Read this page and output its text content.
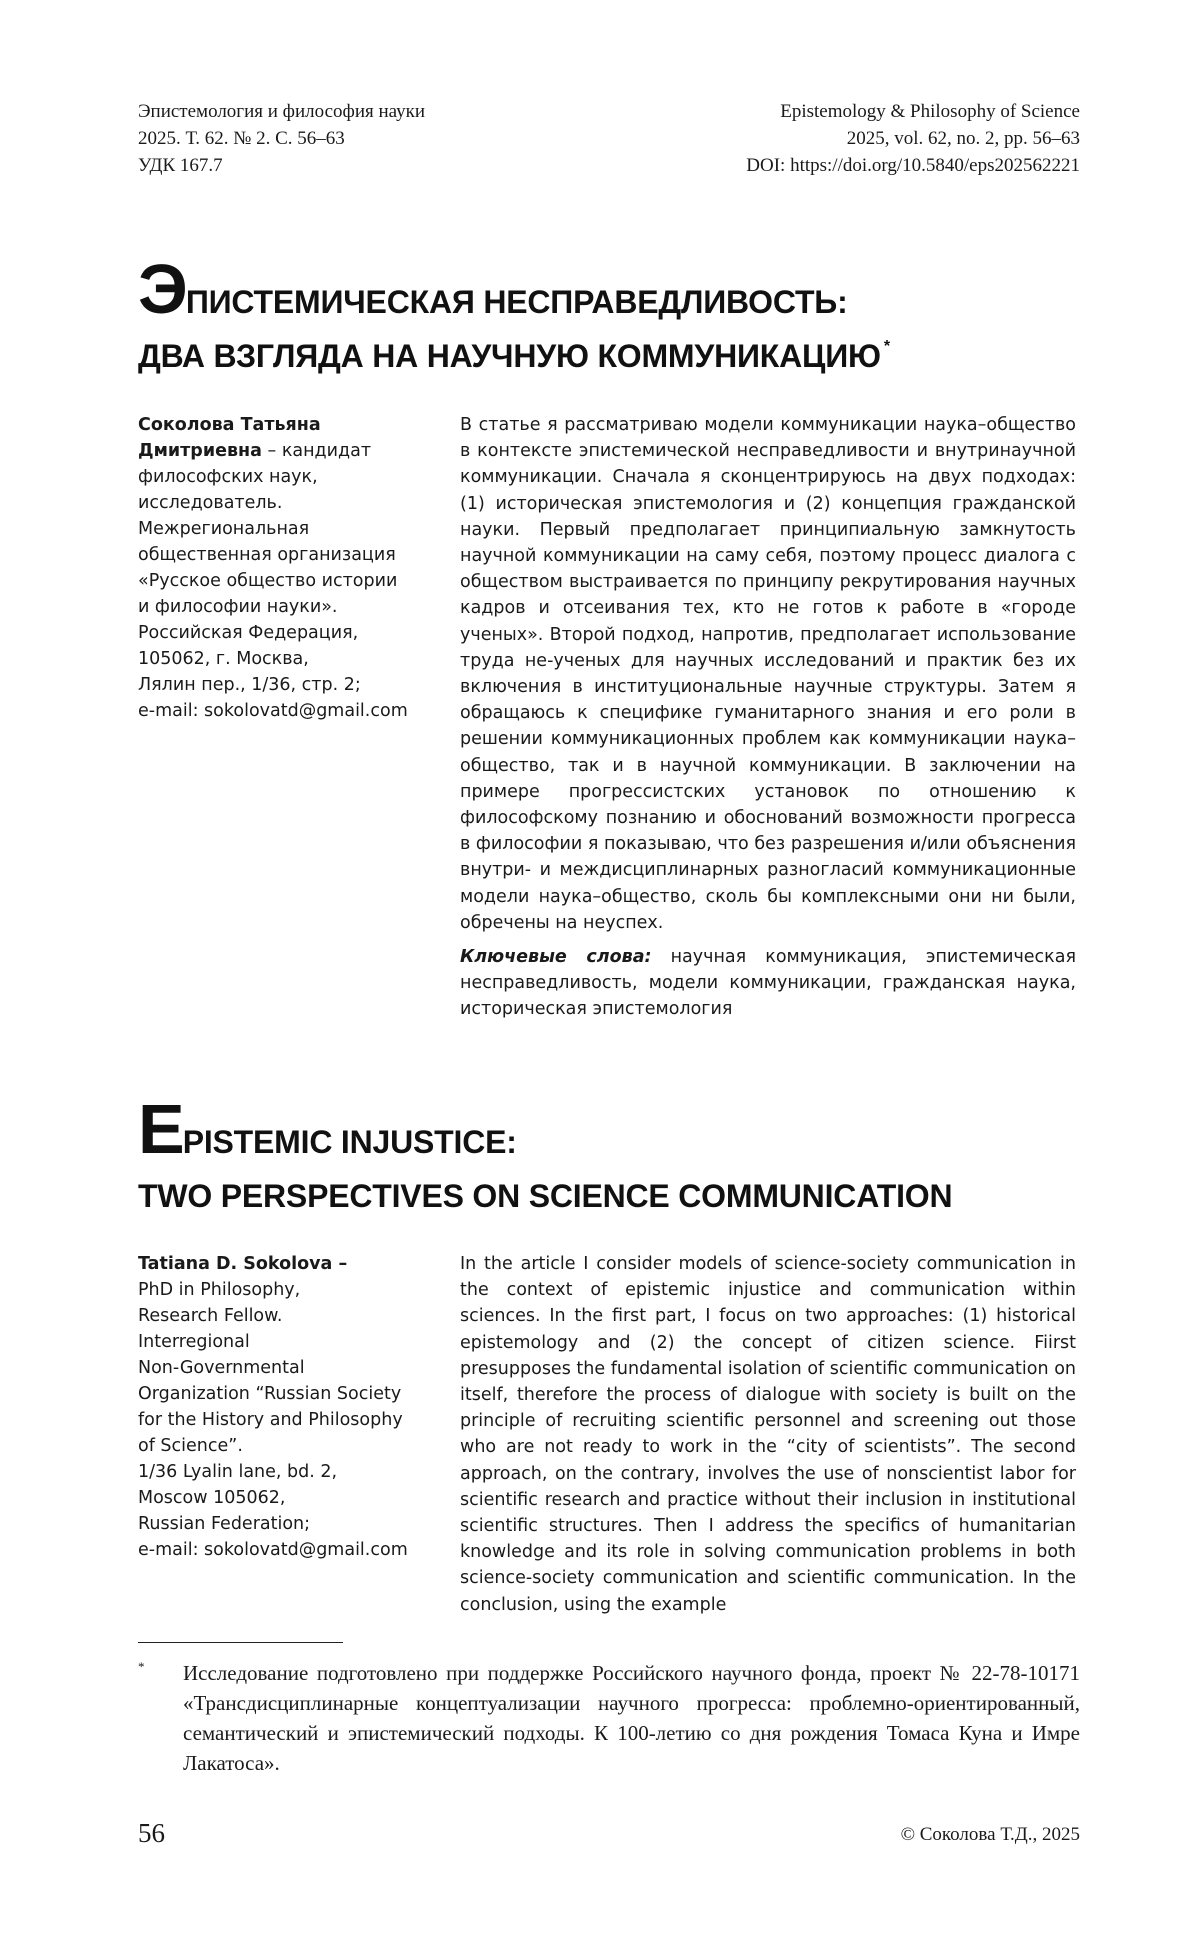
Эпистемология и философия науки
2025. Т. 62. № 2. С. 56–63
УДК 167.7
Epistemology & Philosophy of Science
2025, vol. 62, no. 2, pp. 56–63
DOI: https://doi.org/10.5840/eps202562221
ЭПИСТЕМИЧЕСКАЯ НЕСПРАВЕДЛИВОСТЬ:
ДВА ВЗГЛЯДА НА НАУЧНУЮ КОММУНИКАЦИЮ *
Соколова Татьяна
Дмитриевна – кандидат
философских наук,
исследователь.
Межрегиональная
общественная организация
«Русское общество истории
и философии науки».
Российская Федерация,
105062, г. Москва,
Лялин пер., 1/36, стр. 2;
e-mail: sokolovatd@gmail.com

В статье я рассматриваю модели коммуникации наука–общество в контексте эпистемической несправедливости и внутринаучной коммуникации. Сначала я сконцентрируюсь на двух подходах: (1) историческая эпистемология и (2) концепция гражданской науки. Первый предполагает принципиальную замкнутость научной коммуникации на саму себя, поэтому процесс диалога с обществом выстраивается по принципу рекрутирования научных кадров и отсеивания тех, кто не готов к работе в «городе ученых». Второй подход, напротив, предполагает использование труда не-ученых для научных исследований и практик без их включения в институциональные научные структуры. Затем я обращаюсь к специфике гуманитарного знания и его роли в решении коммуникационных проблем как коммуникации наука–общество, так и в научной коммуникации. В заключении на примере прогрессистских установок по отношению к философскому познанию и обоснований возможности прогресса в философии я показываю, что без разрешения и/или объяснения внутри- и междисциплинарных разногласий коммуникационные модели наука–общество, сколь бы комплексными они ни были, обречены на неуспех.

Ключевые слова: научная коммуникация, эпистемическая несправедливость, модели коммуникации, гражданская наука, историческая эпистемология

EPISTEMIC INJUSTICE:
TWO PERSPECTIVES ON SCIENCE COMMUNICATION
Tatiana D. Sokolova –
PhD in Philosophy,
Research Fellow.
Interregional
Non-Governmental
Organization “Russian Society
for the History and Philosophy
of Science”.
1/36 Lyalin lane, bd. 2,
Moscow 105062,
Russian Federation;
e-mail: sokolovatd@gmail.com

In the article I consider models of science-society communication in the context of epistemic injustice and communication within sciences. In the first part, I focus on two approaches: (1) historical epistemology and (2) the concept of citizen science. Fiirst presupposes the fundamental isolation of scientific communication on itself, therefore the process of dialogue with society is built on the principle of recruiting scientific personnel and screening out those who are not ready to work in the “city of scientists”. The second approach, on the contrary, involves the use of nonscientist labor for scientific research and practice without their inclusion in institutional scientific structures. Then I address the specifics of humanitarian knowledge and its role in solving communication problems in both science-society communication and scientific communication. In the conclusion, using the example

* Исследование подготовлено при поддержке Российского научного фонда, проект № 22-78-10171 «Трансдисциплинарные концептуализации научного прогресса: проблемно-ориентированный, семантический и эпистемический подходы. К 100-летию со дня рождения Томаса Куна и Имре Лакатоса».
56	© Соколова Т.Д., 2025
